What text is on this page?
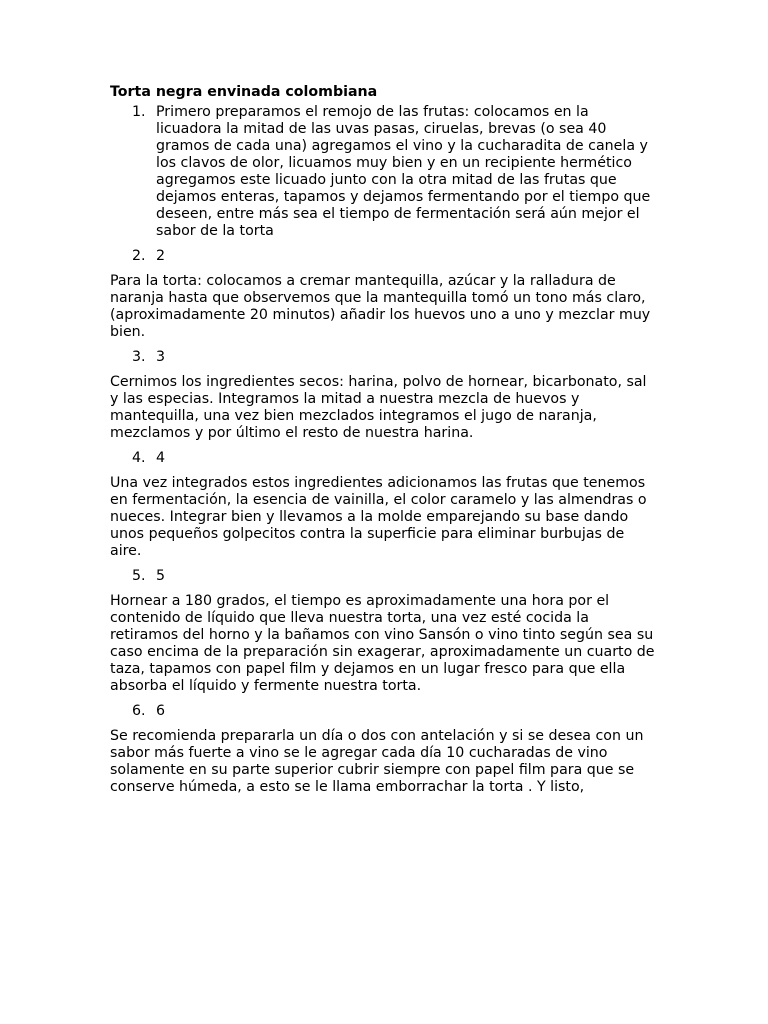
Torta negra envinada colombiana
1. Primero preparamos el remojo de las frutas: colocamos en la licuadora la mitad de las uvas pasas, ciruelas, brevas (o sea 40 gramos de cada una) agregamos el vino y la cucharadita de canela y los clavos de olor, licuamos muy bien y en un recipiente hermético agregamos este licuado junto con la otra mitad de las frutas que dejamos enteras, tapamos y dejamos fermentando por el tiempo que deseen, entre más sea el tiempo de fermentación será aún mejor el sabor de la torta
2. 2
Para la torta: colocamos a cremar mantequilla, azúcar y la ralladura de naranja hasta que observemos que la mantequilla tomó un tono más claro, (aproximadamente 20 minutos) añadir los huevos uno a uno y mezclar muy bien.
3. 3
Cernimos los ingredientes secos: harina, polvo de hornear, bicarbonato, sal y las especias. Integramos la mitad a nuestra mezcla de huevos y mantequilla, una vez bien mezclados integramos el jugo de naranja, mezclamos y por último el resto de nuestra harina.
4. 4
Una vez integrados estos ingredientes adicionamos las frutas que tenemos en fermentación, la esencia de vainilla, el color caramelo y las almendras o nueces. Integrar bien y llevamos a la molde emparejando su base dando unos pequeños golpecitos contra la superficie para eliminar burbujas de aire.
5. 5
Hornear a 180 grados, el tiempo es aproximadamente una hora por el contenido de líquido que lleva nuestra torta, una vez esté cocida la retiramos del horno y la bañamos con vino Sansón o vino tinto según sea su caso encima de la preparación sin exagerar, aproximadamente un cuarto de taza, tapamos con papel film y dejamos en un lugar fresco para que ella absorba el líquido y fermente nuestra torta.
6. 6
Se recomienda prepararla un día o dos con antelación y si se desea con un sabor más fuerte a vino se le agregar cada día 10 cucharadas de vino solamente en su parte superior cubrir siempre con papel film para que se conserve húmeda, a esto se le llama emborrachar la torta . Y listo,
